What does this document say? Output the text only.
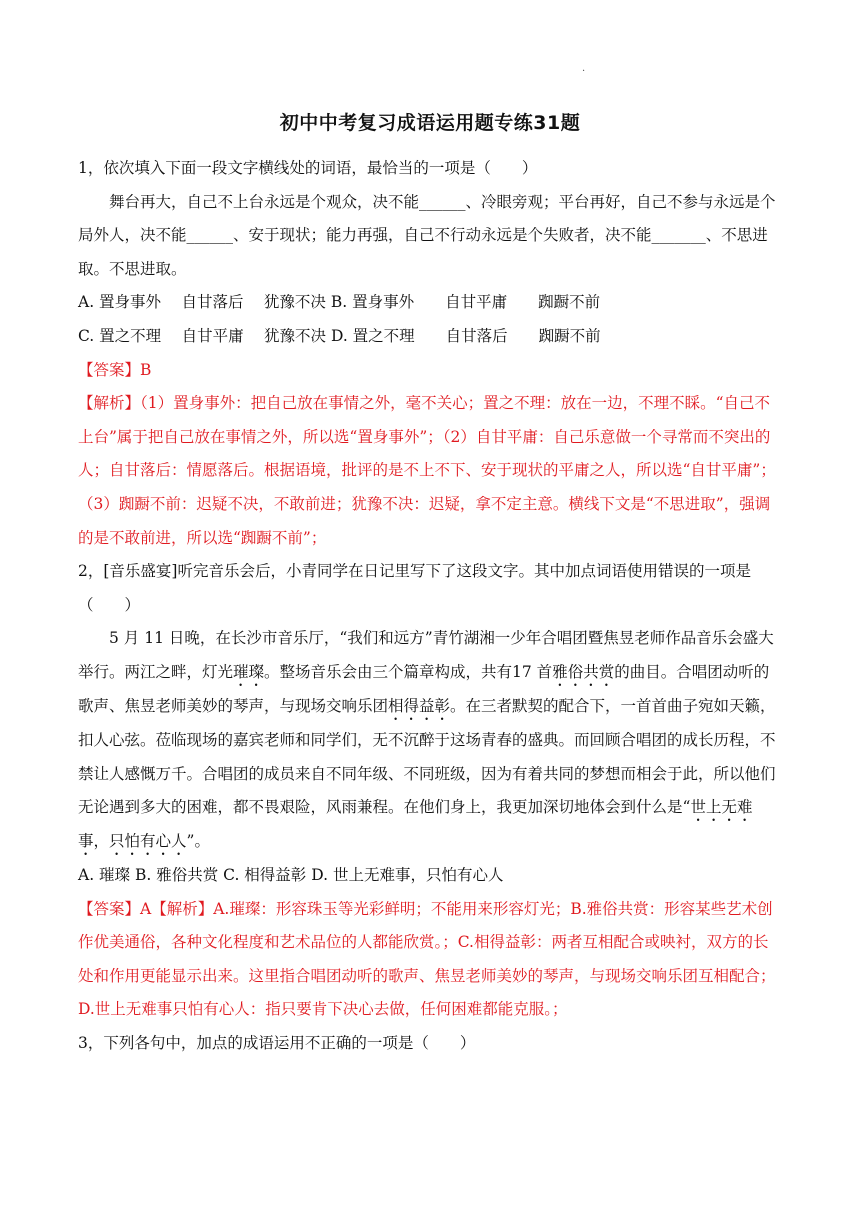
·
初中中考复习成语运用题专练31题

1，依次填入下面一段文字横线处的词语，最恰当的一项是（　　）

舞台再大，自己不上台永远是个观众，决不能______、冷眼旁观；平台再好，自己不参与永远是个局外人，决不能______、安于现状；能力再强，自己不行动永远是个失败者，决不能_______、不思进取。不思进取。

A. 置身事外　 自甘落后　 犹豫不决 B. 置身事外　　自甘平庸　　踟蹰不前

C. 置之不理　 自甘平庸　 犹豫不决 D. 置之不理　　自甘落后　　踟蹰不前

【答案】B

【解析】（1）置身事外：把自己放在事情之外，毫不关心；置之不理：放在一边，不理不睬。“自己不上台”属于把自己放在事情之外，所以选“置身事外”；（2）自甘平庸：自己乐意做一个寻常而不突出的人；自甘落后：情愿落后。根据语境，批评的是不上不下、安于现状的平庸之人，所以选“自甘平庸”；（3）踟蹰不前：迟疑不决，不敢前进；犹豫不决：迟疑，拿不定主意。横线下文是“不思进取”，强调的是不敢前进，所以选“踟蹰不前”；

2，[音乐盛宴]听完音乐会后，小青同学在日记里写下了这段文字。其中加点词语使用错误的一项是（　　）

5 月 11 日晚，在长沙市音乐厅，“我们和远方”青竹湖湘一少年合唱团暨焦昱老师作品音乐会盛大举行。两江之畔，灯光璀璨。整场音乐会由三个篇章构成，共有17 首雅俗共赏的曲目。合唱团动听的歌声、焦昱老师美妙的琴声，与现场交响乐团相得益彰。在三者默契的配合下，一首首曲子宛如天籁，扣人心弦。莅临现场的嘉宾老师和同学们，无不沉醉于这场青春的盛典。而回顾合唱团的成长历程，不禁让人感慨万千。合唱团的成员来自不同年级、不同班级，因为有着共同的梦想而相会于此，所以他们无论遇到多大的困难，都不畏艰险，风雨兼程。在他们身上，我更加深切地体会到什么是“世上无难事，只怕有心人”。

A. 璀璨 B. 雅俗共赏 C. 相得益彰 D. 世上无难事，只怕有心人

【答案】A【解析】A.璀璨：形容珠玉等光彩鲜明；不能用来形容灯光；B.雅俗共赏：形容某些艺术创作优美通俗，各种文化程度和艺术品位的人都能欣赏。；C.相得益彰：两者互相配合或映衬，双方的长处和作用更能显示出来。这里指合唱团动听的歌声、焦昱老师美妙的琴声，与现场交响乐团互相配合；D.世上无难事只怕有心人：指只要肯下决心去做，任何困难都能克服。；

3，下列各句中，加点的成语运用不正确的一项是（　　）
